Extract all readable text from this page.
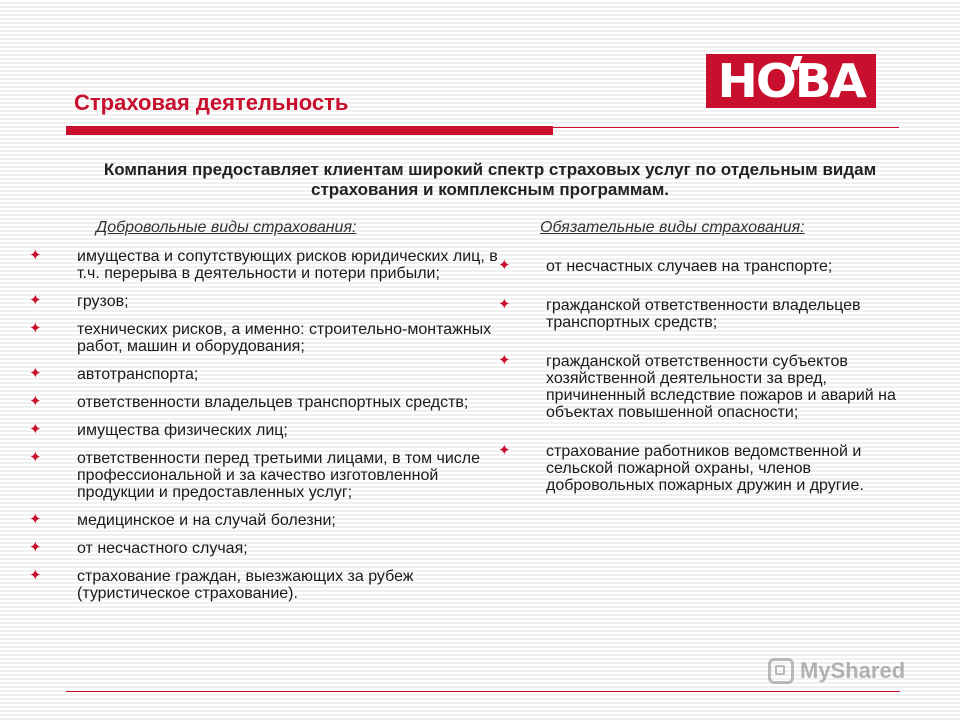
НОВА
Страховая деятельность
Компания предоставляет клиентам широкий спектр страховых услуг по отдельным видам страхования и комплексным программам.
Добровольные виды страхования:	Обязательные виды страхования:
✦ имущества и сопутствующих рисков юридических лиц, в т.ч. перерыва в деятельности и потери прибыли;
✦ грузов;
✦ технических рисков, а именно: строительно-монтажных работ, машин и оборудования;
✦ автотранспорта;
✦ ответственности владельцев транспортных средств;
✦ имущества физических лиц;
✦ ответственности перед третьими лицами, в том числе профессиональной и за качество изготовленной продукции и предоставленных услуг;
✦ медицинское и на случай болезни;
✦ от несчастного случая;
✦ страхование граждан, выезжающих за рубеж (туристическое страхование).
✦ от несчастных случаев на транспорте;
✦ гражданской ответственности владельцев транспортных средств;
✦ гражданской ответственности субъектов хозяйственной деятельности за вред, причиненный вследствие пожаров и аварий на объектах повышенной опасности;
✦ страхование работников ведомственной и сельской пожарной охраны, членов добровольных пожарных дружин и другие.
MyShared
